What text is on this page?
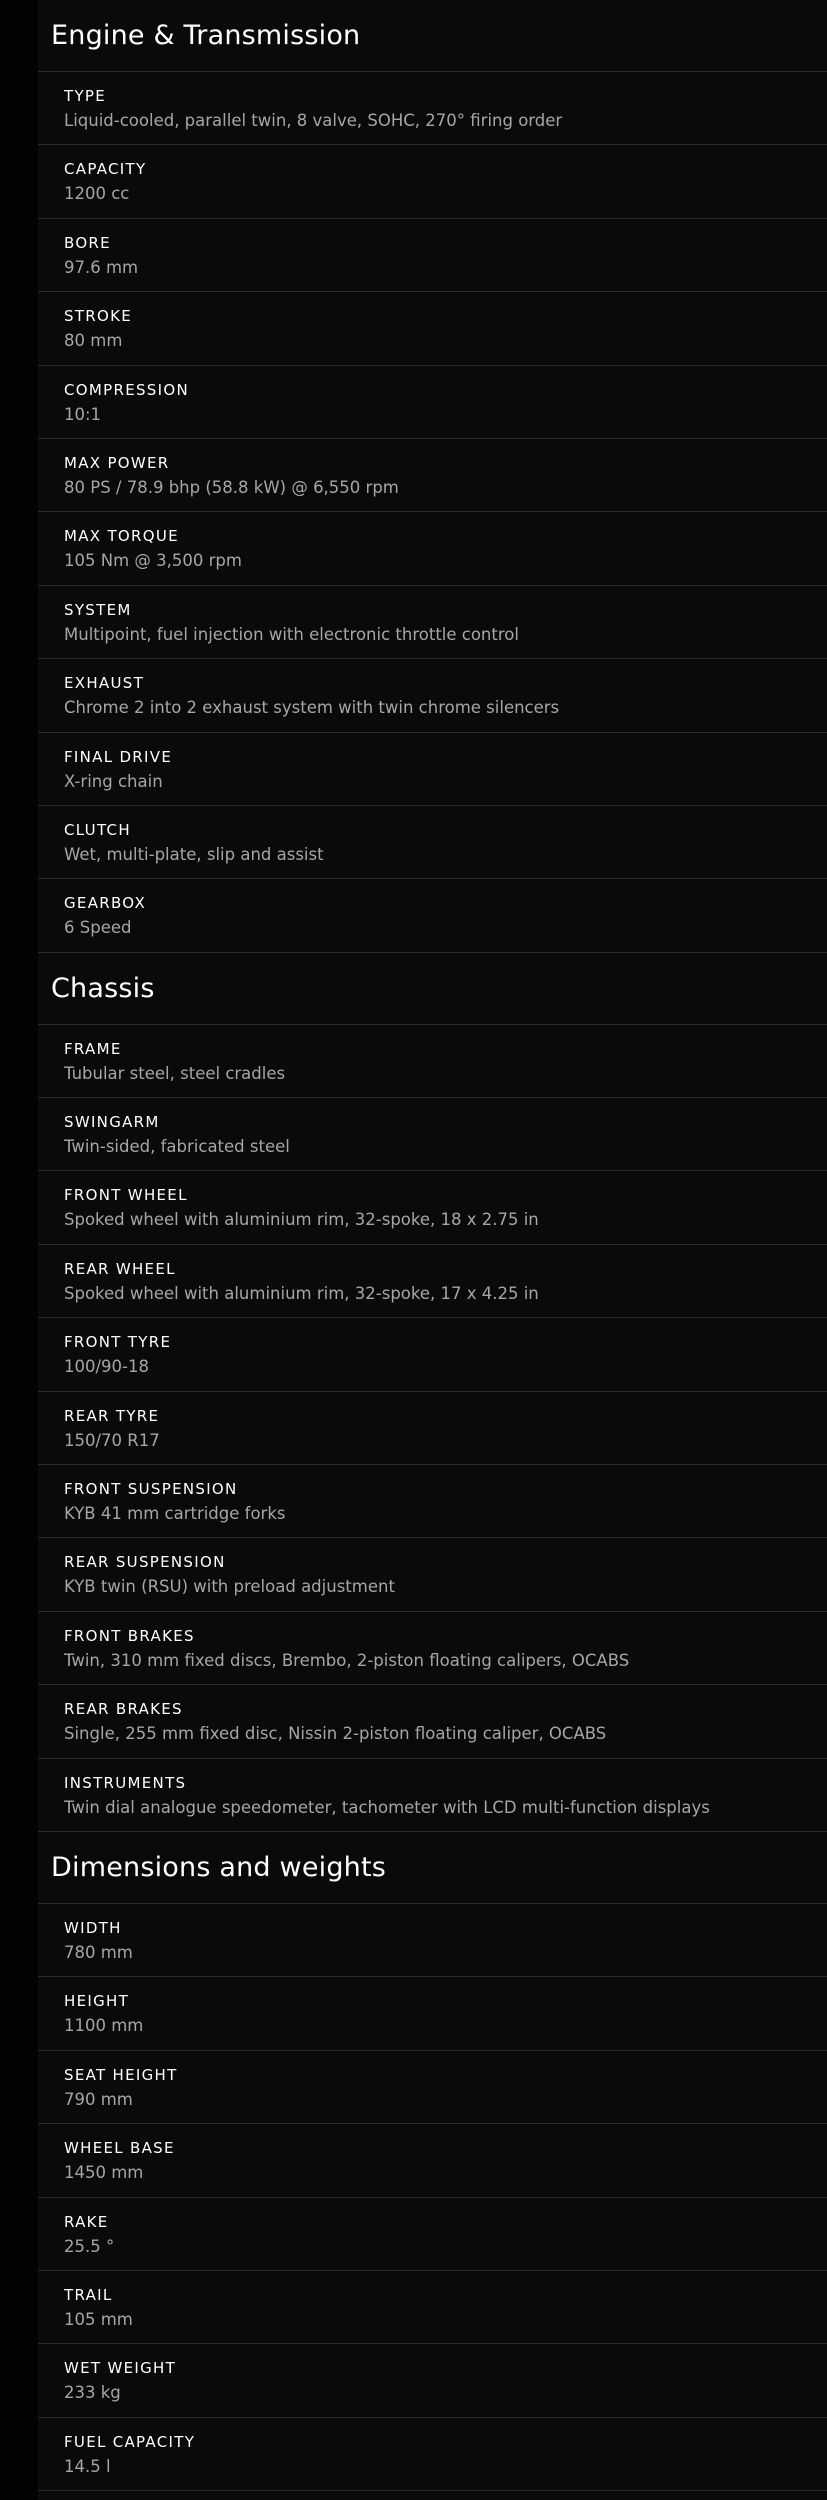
Engine & Transmission
TYPE
Liquid-cooled, parallel twin, 8 valve, SOHC, 270° firing order
CAPACITY
1200 cc
BORE
97.6 mm
STROKE
80 mm
COMPRESSION
10:1
MAX POWER
80 PS / 78.9 bhp (58.8 kW) @ 6,550 rpm
MAX TORQUE
105 Nm @ 3,500 rpm
SYSTEM
Multipoint, fuel injection with electronic throttle control
EXHAUST
Chrome 2 into 2 exhaust system with twin chrome silencers
FINAL DRIVE
X-ring chain
CLUTCH
Wet, multi-plate, slip and assist
GEARBOX
6 Speed
Chassis
FRAME
Tubular steel, steel cradles
SWINGARM
Twin-sided, fabricated steel
FRONT WHEEL
Spoked wheel with aluminium rim, 32-spoke, 18 x 2.75 in
REAR WHEEL
Spoked wheel with aluminium rim, 32-spoke, 17 x 4.25 in
FRONT TYRE
100/90-18
REAR TYRE
150/70 R17
FRONT SUSPENSION
KYB 41 mm cartridge forks
REAR SUSPENSION
KYB twin (RSU) with preload adjustment
FRONT BRAKES
Twin, 310 mm fixed discs, Brembo, 2-piston floating calipers, OCABS
REAR BRAKES
Single, 255 mm fixed disc, Nissin 2-piston floating caliper, OCABS
INSTRUMENTS
Twin dial analogue speedometer, tachometer with LCD multi-function displays
Dimensions and weights
WIDTH
780 mm
HEIGHT
1100 mm
SEAT HEIGHT
790 mm
WHEEL BASE
1450 mm
RAKE
25.5 °
TRAIL
105 mm
WET WEIGHT
233 kg
FUEL CAPACITY
14.5 l
